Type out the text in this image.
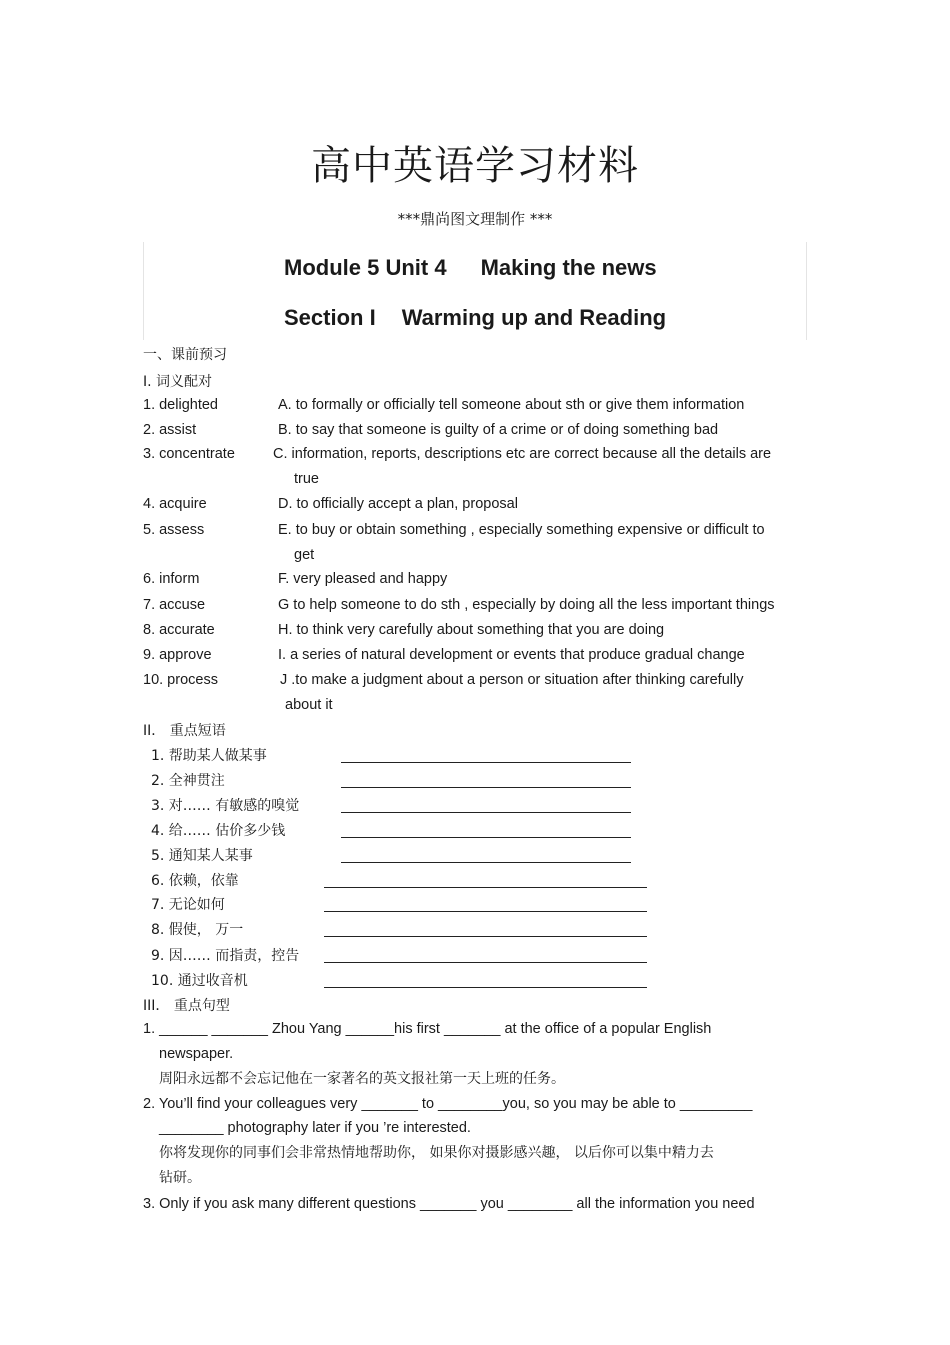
高中英语学习材料
***鼎尚图文理制作 ***
Module 5 Unit 4 Making the news
Section I Warming up and Reading
一、课前预习
I. 词义配对
1. delighted	A. to formally or officially tell someone about sth or give them information
2. assist	B. to say that someone is guilty of a crime or of doing something bad
3. concentrate	C. information, reports, descriptions etc are correct because all the details are
true
4. acquire	D. to officially accept a plan, proposal
5. assess	E. to buy or obtain something , especially something expensive or difficult to
get
6. inform	F. very pleased and happy
7. accuse	G to help someone to do sth , especially by doing all the less important things
8. accurate	H. to think very carefully about something that you are doing
9. approve	I. a series of natural development or events that produce gradual change
10. process	J .to make a judgment about a person or situation after thinking carefully
about it
II． 重点短语
1. 帮助某人做某事
2. 全神贯注
3. 对…… 有敏感的嗅觉
4. 给…… 估价多少钱
5. 通知某人某事
6. 依赖，依靠
7. 无论如何
8. 假使， 万一
9. 因…… 而指责，控告
10. 通过收音机
III． 重点句型
1. ______ _______ Zhou Yang ______his first _______ at the office of a popular English
newspaper.
周阳永远都不会忘记他在一家著名的英文报社第一天上班的任务。
2. You’ll find your colleagues very _______ to ________you, so you may be able to _________
________ photography later if you ’re interested.
你将发现你的同事们会非常热情地帮助你， 如果你对摄影感兴趣， 以后你可以集中精力去
钻研。
3. Only if you ask many different questions _______ you ________ all the information you need
